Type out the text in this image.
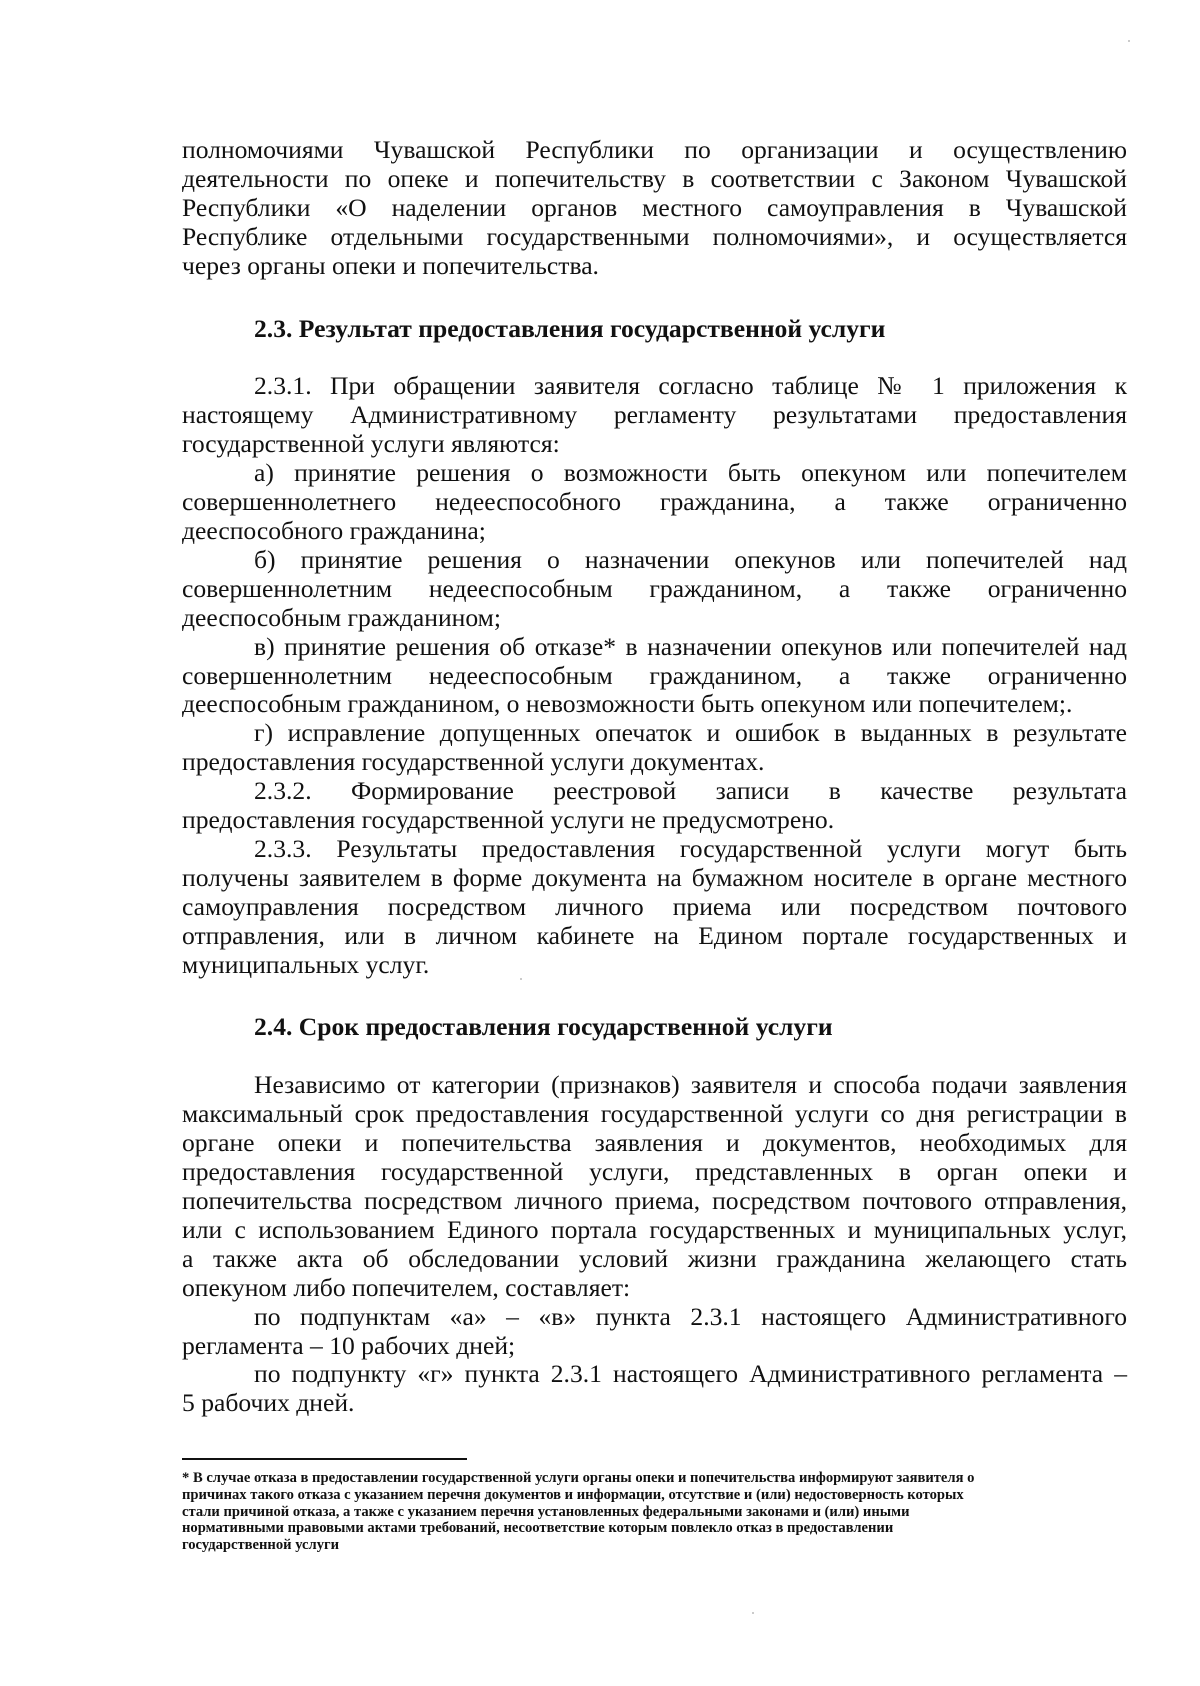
полномочиями Чувашской Республики по организации и осуществлению

деятельности по опеке и попечительству в соответствии с Законом Чувашской

Республики «О наделении органов местного самоуправления в Чувашской

Республике отдельными государственными полномочиями», и осуществляется

через органы опеки и попечительства.

2.3. Результат предоставления государственной услуги

2.3.1. При обращении заявителя согласно таблице № 1 приложения к

настоящему Административному регламенту результатами предоставления

государственной услуги являются:

а) принятие решения о возможности быть опекуном или попечителем

совершеннолетнего недееспособного гражданина, а также ограниченно

дееспособного гражданина;

б) принятие решения о назначении опекунов или попечителей над

совершеннолетним недееспособным гражданином, а также ограниченно

дееспособным гражданином;

в) принятие решения об отказе* в назначении опекунов или попечителей над

совершеннолетним недееспособным гражданином, а также ограниченно

дееспособным гражданином, о невозможности быть опекуном или попечителем;.

г) исправление допущенных опечаток и ошибок в выданных в результате

предоставления государственной услуги документах.

2.3.2. Формирование реестровой записи в качестве результата

предоставления государственной услуги не предусмотрено.

2.3.3. Результаты предоставления государственной услуги могут быть

получены заявителем в форме документа на бумажном носителе в органе местного

самоуправления посредством личного приема или посредством почтового

отправления, или в личном кабинете на Едином портале государственных и

муниципальных услуг.

2.4. Срок предоставления государственной услуги

Независимо от категории (признаков) заявителя и способа подачи заявления

максимальный срок предоставления государственной услуги со дня регистрации в

органе опеки и попечительства заявления и документов, необходимых для

предоставления государственной услуги, представленных в орган опеки и

попечительства посредством личного приема, посредством почтового отправления,

или с использованием Единого портала государственных и муниципальных услуг,

а также акта об обследовании условий жизни гражданина желающего стать

опекуном либо попечителем, составляет:

по подпунктам «а» – «в» пункта 2.3.1 настоящего Административного

регламента – 10 рабочих дней;

по подпункту «г» пункта 2.3.1 настоящего Административного регламента –

5 рабочих дней.

* В случае отказа в предоставлении государственной услуги органы опеки и попечительства информируют заявителя о

причинах такого отказа с указанием перечня документов и информации, отсутствие и (или) недостоверность которых

стали причиной отказа, а также с указанием перечня установленных федеральными законами и (или) иными

нормативными правовыми актами требований, несоответствие которым повлекло отказ в предоставлении

государственной услуги
